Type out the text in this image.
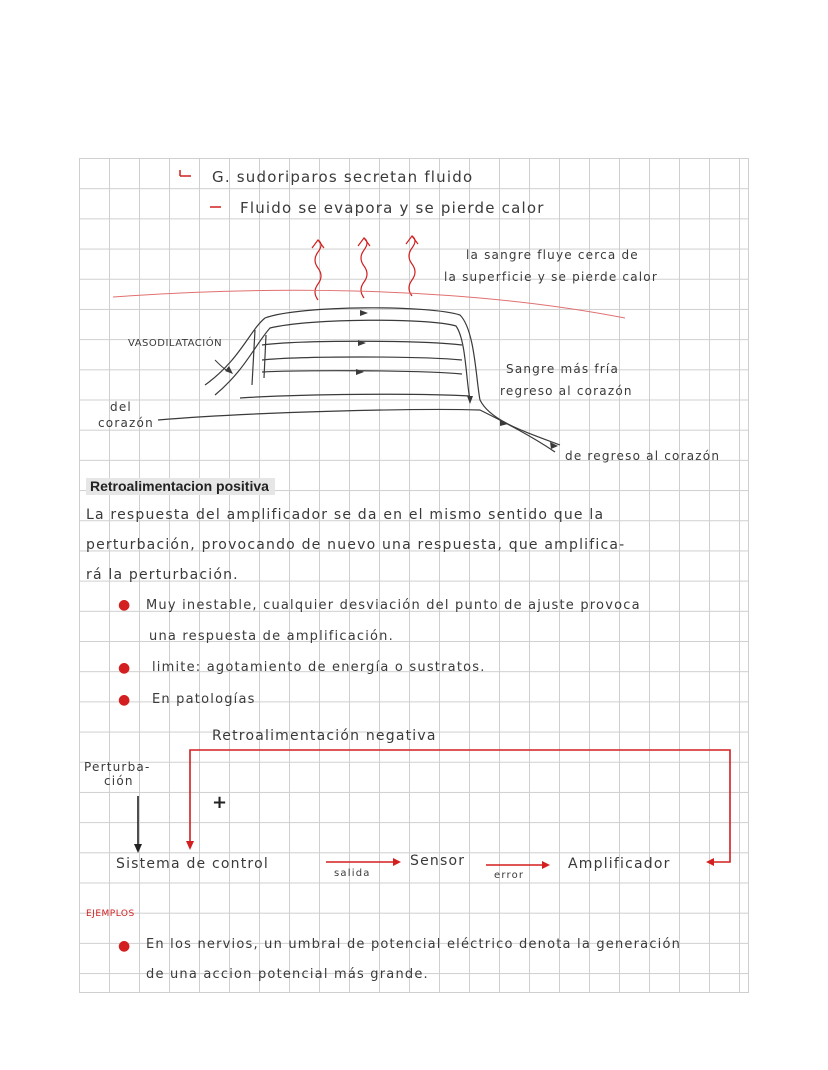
G. sudoriparos secretan fluido
Fluido se evapora y se pierde calor
la sangre fluye cerca de
la superficie y se pierde calor
VASODILATACIÓN
Sangre más fría
regreso al corazón
del
corazón
de regreso al corazón
Retroalimentacion positiva
La respuesta del amplificador se da en el mismo sentido que la
perturbación, provocando de nuevo una respuesta, que amplifica-
rá la perturbación.
● Muy inestable, cualquier desviación del punto de ajuste provoca
una respuesta de amplificación.
● limite: agotamiento de energía o sustratos.
● En patologías
Retroalimentación negativa
Perturba-
ción
+
Sistema de control
salida
Sensor
error
Amplificador
EJEMPLOS
● En los nervios, un umbral de potencial eléctrico denota la generación
de una accion potencial más grande.
